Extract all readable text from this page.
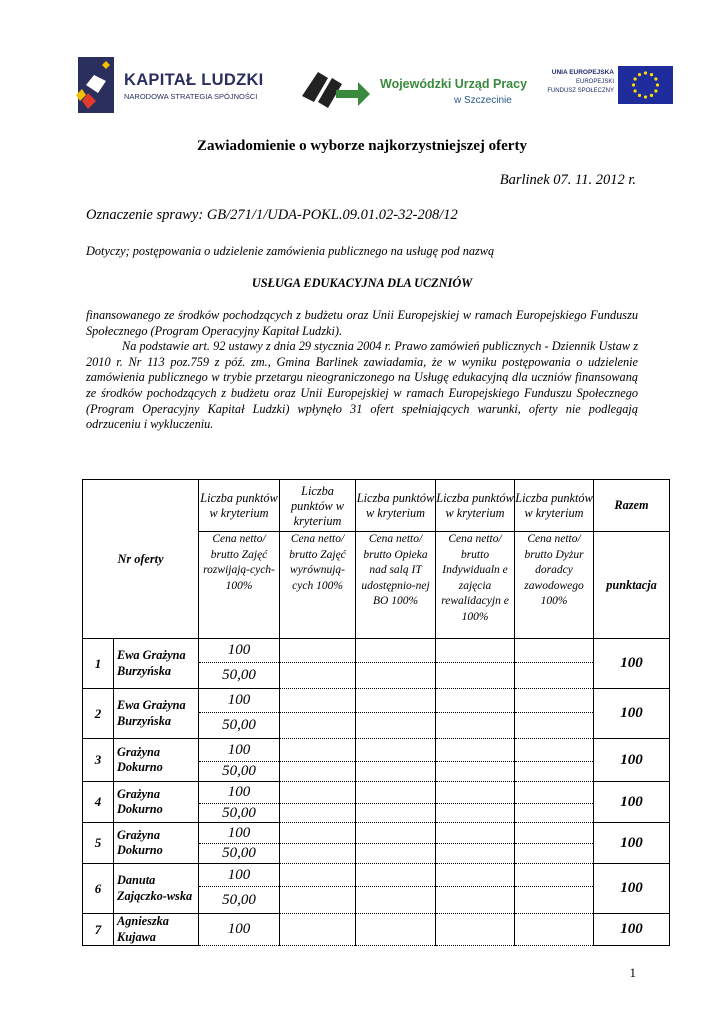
KAPITAŁ LUDZKI
NARODOWA STRATEGIA SPÓJNOŚCI
Wojewódzki Urząd Pracy
w Szczecinie
UNIA EUROPEJSKA
EUROPEJSKI
FUNDUSZ SPOŁECZNY
Zawiadomienie o wyborze najkorzystniejszej oferty
Barlinek 07. 11. 2012 r.
Oznaczenie sprawy: GB/271/1/UDA-POKL.09.01.02-32-208/12
Dotyczy; postępowania o udzielenie zamówienia publicznego na usługę pod nazwą
USŁUGA EDUKACYJNA DLA UCZNIÓW

finansowanego ze środków pochodzących z budżetu oraz Unii Europejskiej w ramach Europejskiego Funduszu Społecznego (Program Operacyjny Kapitał Ludzki).

Na podstawie art. 92 ustawy z dnia 29 stycznia 2004 r. Prawo zamówień publicznych - Dziennik Ustaw z 2010 r. Nr 113 poz.759 z póź. zm., Gmina Barlinek zawiadamia, że w wyniku postępowania o udzielenie zamówienia publicznego w trybie przetargu nieograniczonego na Usługę edukacyjną dla uczniów finansowaną ze środków pochodzących z budżetu oraz Unii Europejskiej w ramach Europejskiego Funduszu Społecznego (Program Operacyjny Kapitał Ludzki) wpłynęło 31 ofert spełniających warunki, oferty nie podlegają odrzuceniu i wykluczeniu.

Nr oferty		Liczba punktów w kryterium	Liczba punktów w kryterium	Liczba punktów w kryterium	Liczba punktów w kryterium	Liczba punktów w kryterium	Razem
		Cena netto/ brutto Zajęć rozwijają-cych- 100%	Cena netto/ brutto Zajęć wyrównują-cych 100%	Cena netto/ brutto Opieka nad salą IT udostępnio-nej BO 100%	Cena netto/ brutto Indywidualn e zajęcia rewalidacyjn e 100%	Cena netto/ brutto Dyżur doradcy zawodowego 100%	punktacja
1	Ewa Grażyna Burzyńska	100					100
		50,00					
2	Ewa Grażyna Burzyńska	100					100
		50,00					
3	Grażyna Dokurno	100					100
		50,00					
4	Grażyna Dokurno	100					100
		50,00					
5	Grażyna Dokurno	100					100
		50,00					
6	Danuta Zajączko-wska	100					100
		50,00					
7	Agnieszka Kujawa	100					100
1
